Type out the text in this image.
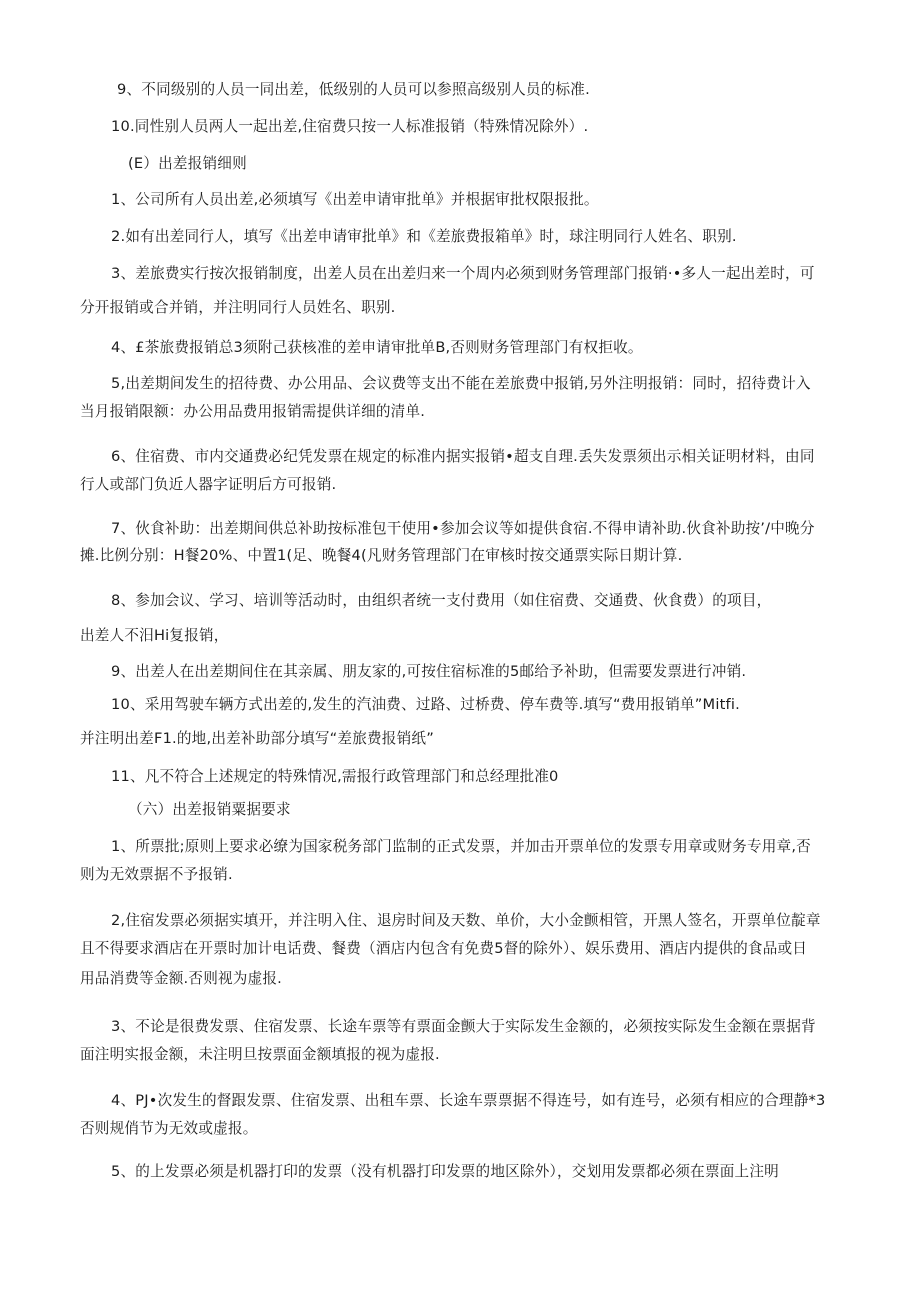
9、不同级别的人员一同出差，低级别的人员可以参照高级别人员的标准.
10.同性别人员两人一起出差,住宿费只按一人标准报销（特殊情况除外）.
(E）出差报销细则
1、公司所有人员出差,必须填写《出差申请审批单》并根据审批权限报批。
2.如有出差同行人，填写《出差申请审批单》和《差旅费报箱单》时，球注明同行人姓名、职别.
3、差旅费实行按次报销制度，出差人员在出差归来一个周内必须到财务管理部门报销·•多人一起出差时，可
分开报销或合并销，并注明同行人员姓名、职别.
4、£茶旅费报销总3须附己获核准的差申请审批单B,否则财务管理部门有权拒收。
5,出差期间发生的招待费、办公用品、会议费等支出不能在差旅费中报销,另外注明报销：同时，招待费计入
当月报销限额：办公用品费用报销需提供详细的清单.
6、住宿费、市内交通费必纪凭发票在规定的标准内据实报销•超支自理.丢失发票须出示相关证明材料，由同
行人或部门负近人器字证明后方可报销.
7、伙食补助：出差期间供总补助按标准包干使用•参加会议等如提供食宿.不得申请补助.伙食补助按’/中晚分
摊.比例分别：H餐20%、中置1(足、晚餐4(凡财务管理部门在审核时按交通票实际日期计算.
8、参加会议、学习、培训等活动时，由组织者统一支付费用（如住宿费、交通费、伙食费）的项目，
出差人不汨Hi复报销，
9、出差人在出差期间住在其亲属、朋友家的,可按住宿标准的5邮给予补助，但需要发票进行冲销.
10、采用驾驶车辆方式出差的,发生的汽油费、过路、过桥费、停车费等.填写“费用报销单”Mitfi.
并注明出差F1.的地,出差补助部分填写“差旅费报销纸”
11、凡不符合上述规定的特殊情况,需报行政管理部门和总经理批准0
（六）出差报销粟据要求
1、所票批;原则上要求必缭为国家税务部门监制的正式发票，并加击开票单位的发票专用章或财务专用章,否
则为无效票据不予报销.
2,住宿发票必须据实填开，并注明入住、退房时间及天数、单价，大小金颤相管，开黑人签名，开票单位靛章
且不得要求酒店在开票时加计电话费、餐费（酒店内包含有免费5督的除外）、娱乐费用、酒店内提供的食品或日
用品消费等金额.否则视为虚报.
3、不论是很费发票、住宿发票、长途车票等有票面金颤大于实际发生金额的，必须按实际发生金额在票据背
面注明实报金额，未注明旦按票面金额填报的视为虚报.
4、PJ•次发生的督跟发票、住宿发票、出租车票、长途车票票据不得连号，如有连号，必须有相应的合理静*3
否则规俏节为无效或虚报。
5、的上发票必须是机器打印的发票（没有机器打印发票的地区除外），交划用发票都必须在票面上注明
